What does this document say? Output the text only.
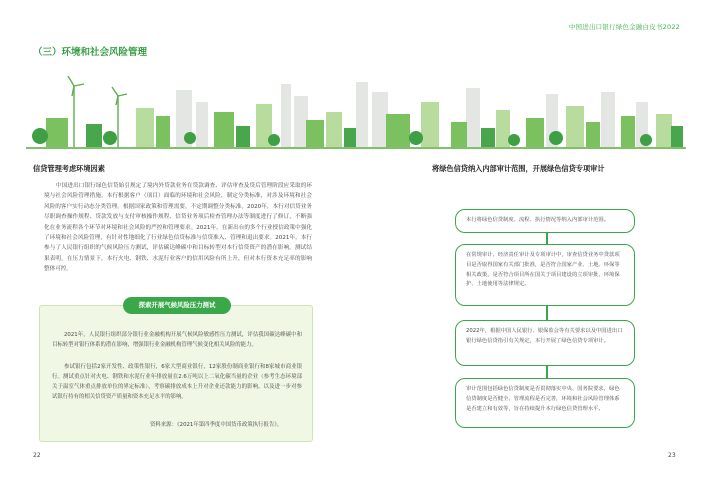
中国进出口银行绿色金融白皮书2022
（三）环境和社会风险管理
信贷管理考虑环境因素

中国进出口银行绿色信贷始引规定了境内外贷款业务在贷款调查、评估审查及贷后管理阶段应采取的环境与社会风险管理措施。本行根据客户（项目）面临的环境和社会风险，制定分类标准，对涉及环境和社会风险的客户实行动态分类管理。根据国家政策和管理需要，不定期调整分类标准。2020年，本行对信贷业务尽职调查操作规程、贷款发放与支付审核操作规程、信贷业务项后检查管理办法等制度进行了修订，不断强化在业务流程各个环节对环境和社会风险的严控和管理要求。2021年，在新出台的多个行业授信政策中强化了环境和社会风险管理，有针对性地细化了行业绿色信贷标准与信贷准入、管理和退出要求。2021年，本行参与了人民银行组织的气候风险压力测试，评估碳达峰碳中和目标转型对本行信贷资产的潜在影响。测试结果表明，在压力情景下，本行火电、钢铁、水泥行业客户的信用风险有所上升，但对本行资本充足率的影响整体可控。

2021年，人民银行组织部分银行业金融机构开展气候风险敏感性压力测试，评估我国碳达峰碳中和目标转型对银行体系的潜在影响，增强银行业金融机构管理气候变化相关风险的能力。

参试银行包括2家开发性、政策性银行，6家大型商业银行，12家股份制商业银行和8家城市商业银行。测试重点针对火电、钢铁和水泥行业年排放量在2.6万吨以上二氧化碳当量的企业（参考生态环境部关于温室气体重点排放单位的界定标准），考察碳排放成本上升对企业还款能力的影响，以及进一步对参试银行持有的相关信贷资产质量和资本充足水平的影响。

探索开展气候风险压力测试
资料来源：《2021年第四季度中国货币政策执行报告》。
22
将绿色信贷纳入内部审计范围，开展绿色信贷专项审计

本行将绿色信贷制度、流程、执行情况等纳入内部审计范围。

在常规审计、经济责任审计及专项审计中，审查信贷业务中贷款项目是否取得国家有关部门批准，是否符合国家产业、土地、环保等相关政策，是否符合项目所在国关于项目建设的立项审批、环境保护、土地使用等法律规定。

2022年，根据中国人民银行、银保监会等有关要求以及中国进出口银行绿色信贷指引有关规定，本行开展了绿色信贷专项审计。

审计范围包括绿色信贷制度是否贯彻落实中央、国务院要求，绿色信贷制度是否健全、管理流程是否完善，环境和社会风险管理体系是否建立和有效等，旨在持续提升本行绿色信贷管理水平。

23
